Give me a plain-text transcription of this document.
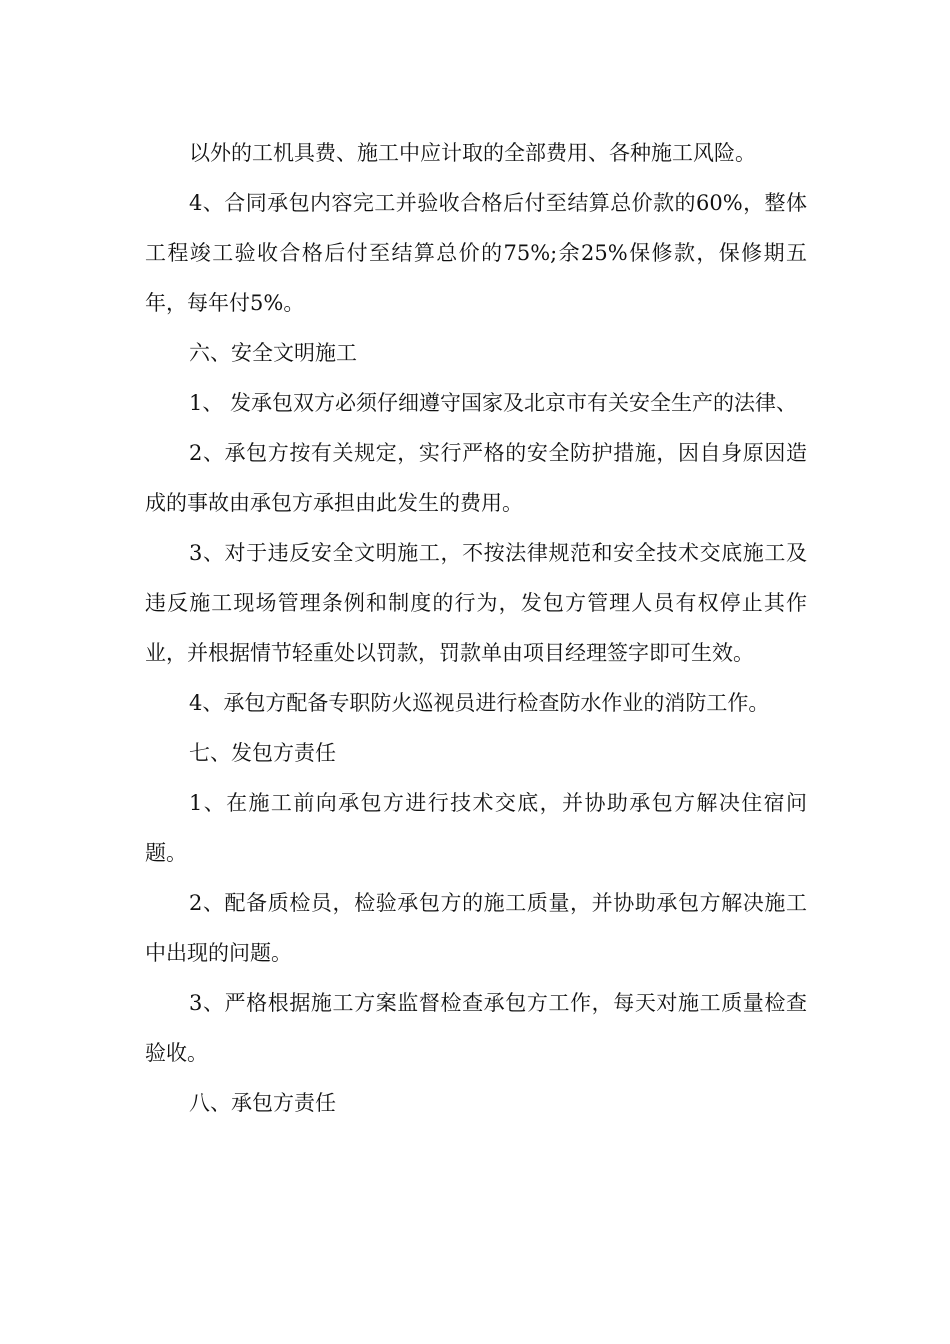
以外的工机具费、施工中应计取的全部费用、各种施工风险。

4、合同承包内容完工并验收合格后付至结算总价款的60%，整体工程竣工验收合格后付至结算总价的75%;余25%保修款，保修期五年，每年付5%。

六、安全文明施工

1、 发承包双方必须仔细遵守国家及北京市有关安全生产的法律、

2、承包方按有关规定，实行严格的安全防护措施，因自身原因造成的事故由承包方承担由此发生的费用。

3、对于违反安全文明施工，不按法律规范和安全技术交底施工及违反施工现场管理条例和制度的行为，发包方管理人员有权停止其作业，并根据情节轻重处以罚款，罚款单由项目经理签字即可生效。

4、承包方配备专职防火巡视员进行检查防水作业的消防工作。

七、发包方责任

1、在施工前向承包方进行技术交底，并协助承包方解决住宿问题。

2、配备质检员，检验承包方的施工质量，并协助承包方解决施工中出现的问题。

3、严格根据施工方案监督检查承包方工作，每天对施工质量检查验收。

八、承包方责任
